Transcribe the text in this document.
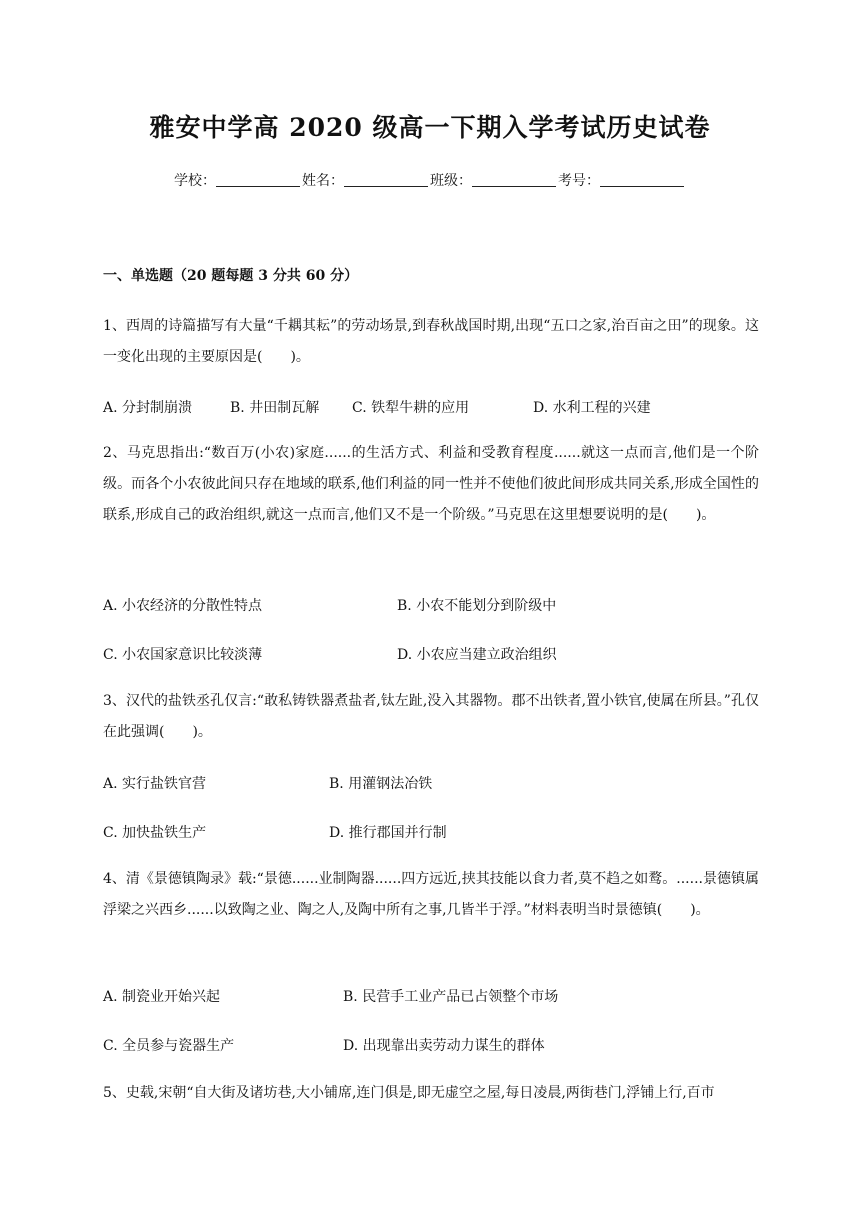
雅安中学高 2020 级高一下期入学考试历史试卷
学校：	姓名：	班级：	考号：
一、单选题（20 题每题 3 分共 60 分）
1、西周的诗篇描写有大量“千耦其耘”的劳动场景,到春秋战国时期,出现“五口之家,治百亩之田”的现象。这一变化出现的主要原因是(　　)。
A. 分封制崩溃	B. 井田制瓦解 C. 铁犁牛耕的应用	D. 水利工程的兴建
2、马克思指出:“数百万(小农)家庭......的生活方式、利益和受教育程度......就这一点而言,他们是一个阶级。而各个小农彼此间只存在地域的联系,他们利益的同一性并不使他们彼此间形成共同关系,形成全国性的联系,形成自己的政治组织,就这一点而言,他们又不是一个阶级。”马克思在这里想要说明的是(　　)。
A. 小农经济的分散性特点	B. 小农不能划分到阶级中
C. 小农国家意识比较淡薄	D. 小农应当建立政治组织
3、汉代的盐铁丞孔仅言:“敢私铸铁器煮盐者,钛左趾,没入其器物。郡不出铁者,置小铁官,使属在所县。”孔仅在此强调(　　)。
A. 实行盐铁官营	B. 用灌钢法冶铁
C. 加快盐铁生产	D. 推行郡国并行制
4、清《景德镇陶录》载:“景德......业制陶器......四方远近,挟其技能以食力者,莫不趋之如鹜。......景德镇属浮梁之兴西乡......以致陶之业、陶之人,及陶中所有之事,几皆半于浮。”材料表明当时景德镇(　　)。
A. 制瓷业开始兴起	B. 民营手工业产品已占领整个市场
C. 全员参与瓷器生产	D. 出现靠出卖劳动力谋生的群体
5、史载,宋朝“自大街及诸坊巷,大小铺席,连门俱是,即无虚空之屋,每日凌晨,两街巷门,浮铺上行,百市
